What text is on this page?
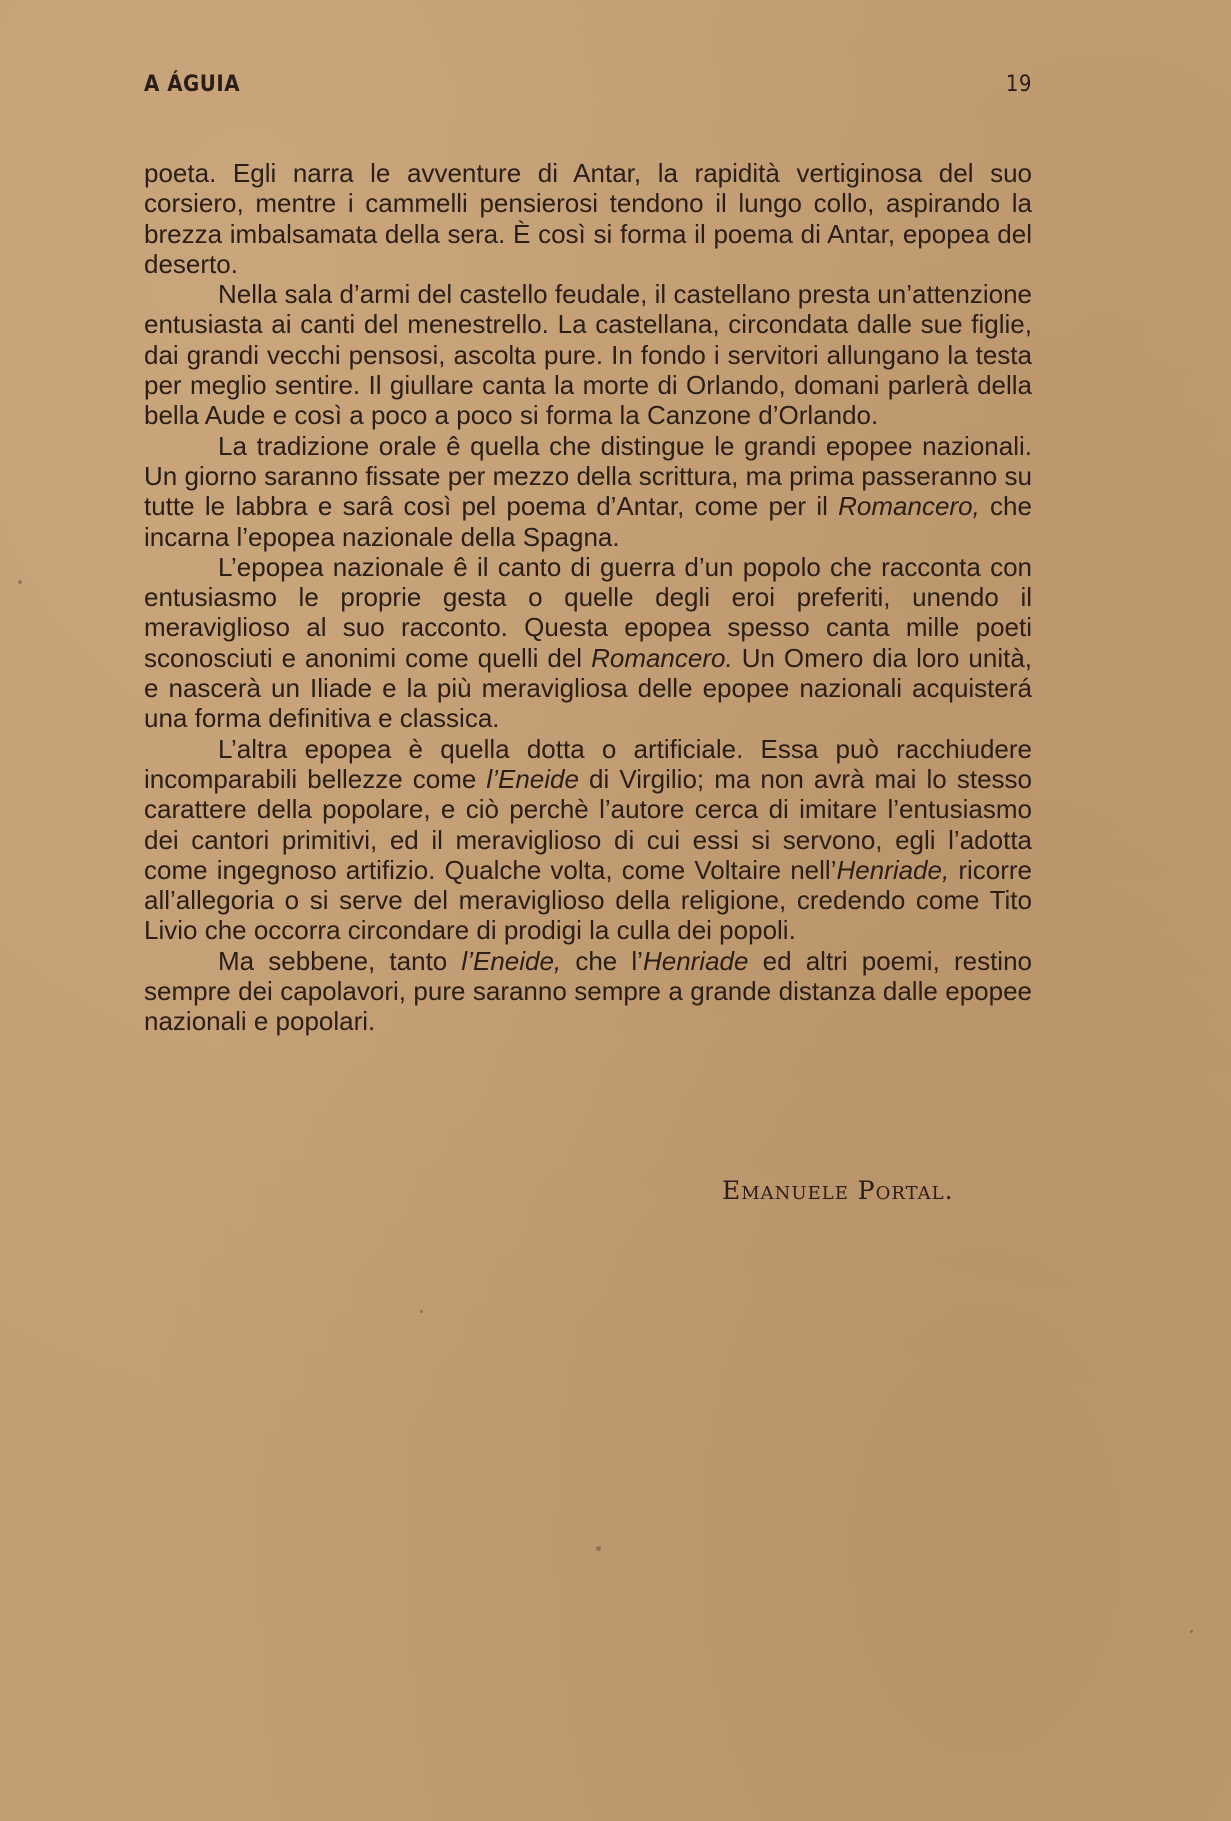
A ÁGUIA	19

poeta. Egli narra le avventure di Antar, la rapidità vertiginosa del suo corsiero, mentre i cammelli pensierosi tendono il lungo collo, aspirando la brezza imbalsamata della sera. È così si forma il poema di Antar, epopea del deserto.

Nella sala d’armi del castello feudale, il castellano presta un’attenzione entusiasta ai canti del menestrello. La castellana, circondata dalle sue figlie, dai grandi vecchi pensosi, ascolta pure. In fondo i servitori allungano la testa per meglio sentire. Il giullare canta la morte di Orlando, domani parlerà della bella Aude e così a poco a poco si forma la Canzone d’Orlando.

La tradizione orale ê quella che distingue le grandi epopee nazionali. Un giorno saranno fissate per mezzo della scrittura, ma prima passeranno su tutte le labbra e sarâ così pel poema d’Antar, come per il Romancero, che incarna l’epopea nazionale della Spagna.

L’epopea nazionale ê il canto di guerra d’un popolo che racconta con entusiasmo le proprie gesta o quelle degli eroi preferiti, unendo il meraviglioso al suo racconto. Questa epopea spesso canta mille poeti sconosciuti e anonimi come quelli del Romancero. Un Omero dia loro unità, e nascerà un Iliade e la più meravigliosa delle epopee nazionali acquisterá una forma definitiva e classica.

L’altra epopea è quella dotta o artificiale. Essa può racchiudere incomparabili bellezze come l’Eneide di Virgilio; ma non avrà mai lo stesso carattere della popolare, e ciò perchè l’autore cerca di imitare l’entusiasmo dei cantori primitivi, ed il meraviglioso di cui essi si servono, egli l’adotta come ingegnoso artifizio. Qualche volta, come Voltaire nell’Henriade, ricorre all’allegoria o si serve del meraviglioso della religione, credendo come Tito Livio che occorra circondare di prodigi la culla dei popoli.

Ma sebbene, tanto l’Eneide, che l’Henriade ed altri poemi, restino sempre dei capolavori, pure saranno sempre a grande distanza dalle epopee nazionali e popolari.

Emanuele Portal.
